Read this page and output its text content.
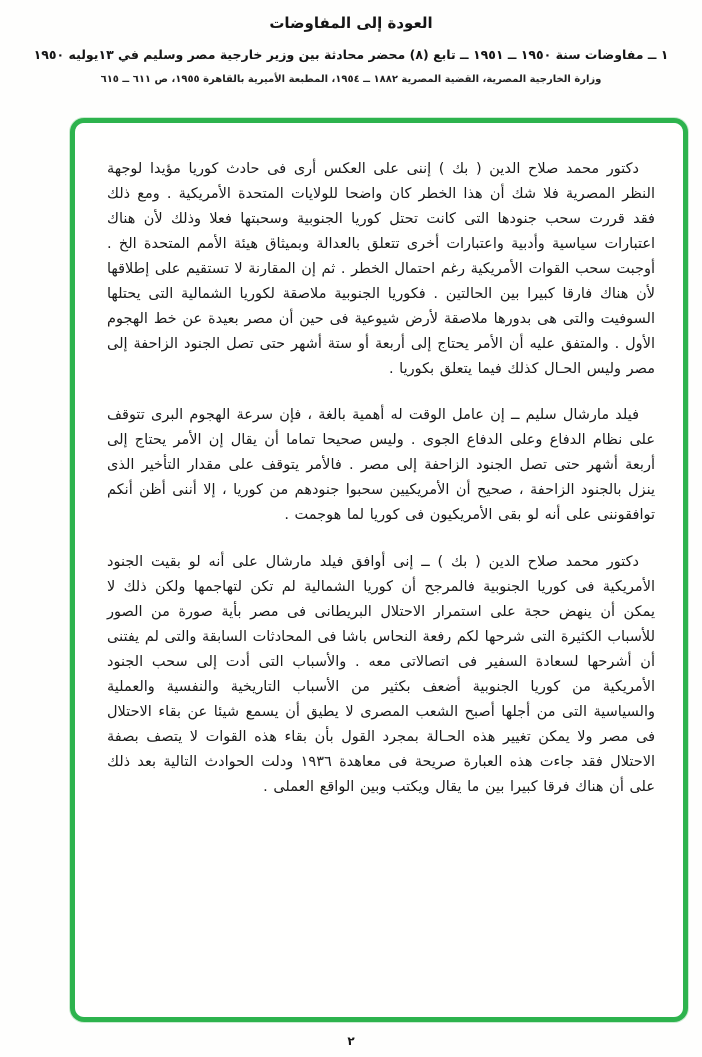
العودة إلى المفاوضات
١ ــ مفاوضات سنة ١٩٥٠ ــ ١٩٥١ ــ تابع (٨) محضر محادثة بين وزير خارجية مصر وسليم في ١٣يوليه ١٩٥٠
وزارة الخارجية المصرية، القضية المصرية ١٨٨٢ ــ ١٩٥٤، المطبعة الأميرية بالقاهرة ١٩٥٥، ص ٦١١ ــ ٦١٥

دكتور محمد صلاح الدين ( بك ) إننى على العكس أرى فى حادث كوريا مؤيدا لوجهة النظر المصرية فلا شك أن هذا الخطر كان واضحا للولايات المتحدة الأمريكية . ومع ذلك فقد قررت سحب جنودها التى كانت تحتل كوريا الجنوبية وسحبتها فعلا وذلك لأن هناك اعتبارات سياسية وأدبية واعتبارات أخرى تتعلق بالعدالة وبميثاق هيئة الأمم المتحدة الخ . أوجبت سحب القوات الأمريكية رغم احتمال الخطر . ثم إن المقارنة لا تستقيم على إطلاقها لأن هناك فارقا كبيرا بين الحالتين . فكوريا الجنوبية ملاصقة لكوريا الشمالية التى يحتلها السوفيت والتى هى بدورها ملاصقة لأرض شيوعية فى حين أن مصر بعيدة عن خط الهجوم الأول . والمتفق عليه أن الأمر يحتاج إلى أربعة أو ستة أشهر حتى تصل الجنود الزاحفة إلى مصر وليس الحـال كذلك فيما يتعلق بكوريا .

فيلد مارشال سليم ــ إن عامل الوقت له أهمية بالغة ، فإن سرعة الهجوم البرى تتوقف على نظام الدفاع وعلى الدفاع الجوى . وليس صحيحا تماما أن يقال إن الأمر يحتاج إلى أربعة أشهر حتى تصل الجنود الزاحفة إلى مصر . فالأمر يتوقف على مقدار التأخير الذى ينزل بالجنود الزاحفة ، صحيح أن الأمريكيين سحبوا جنودهم من كوريا ، إلا أننى أظن أنكم توافقوننى على أنه لو بقى الأمريكيون فى كوريا لما هوجمت .

دكتور محمد صلاح الدين ( بك ) ــ إنى أوافق فيلد مارشال على أنه لو بقيت الجنود الأمريكية فى كوريا الجنوبية فالمرجح أن كوريا الشمالية لم تكن لتهاجمها ولكن ذلك لا يمكن أن ينهض حجة على استمرار الاحتلال البريطانى فى مصر بأية صورة من الصور للأسباب الكثيرة التى شرحها لكم رفعة النحاس باشا فى المحادثات السابقة والتى لم يفتنى أن أشرحها لسعادة السفير فى اتصالاتى معه . والأسباب التى أدت إلى سحب الجنود الأمريكية من كوريا الجنوبية أضعف بكثير من الأسباب التاريخية والنفسية والعملية والسياسية التى من أجلها أصبح الشعب المصرى لا يطيق أن يسمع شيئا عن بقاء الاحتلال فى مصر ولا يمكن تغيير هذه الحـالة بمجرد القول بأن بقاء هذه القوات لا يتصف بصفة الاحتلال فقد جاءت هذه العبارة صريحة فى معاهدة ١٩٣٦ ودلت الحوادث التالية بعد ذلك على أن هناك فرقا كبيرا بين ما يقال ويكتب وبين الواقع العملى .

٢
